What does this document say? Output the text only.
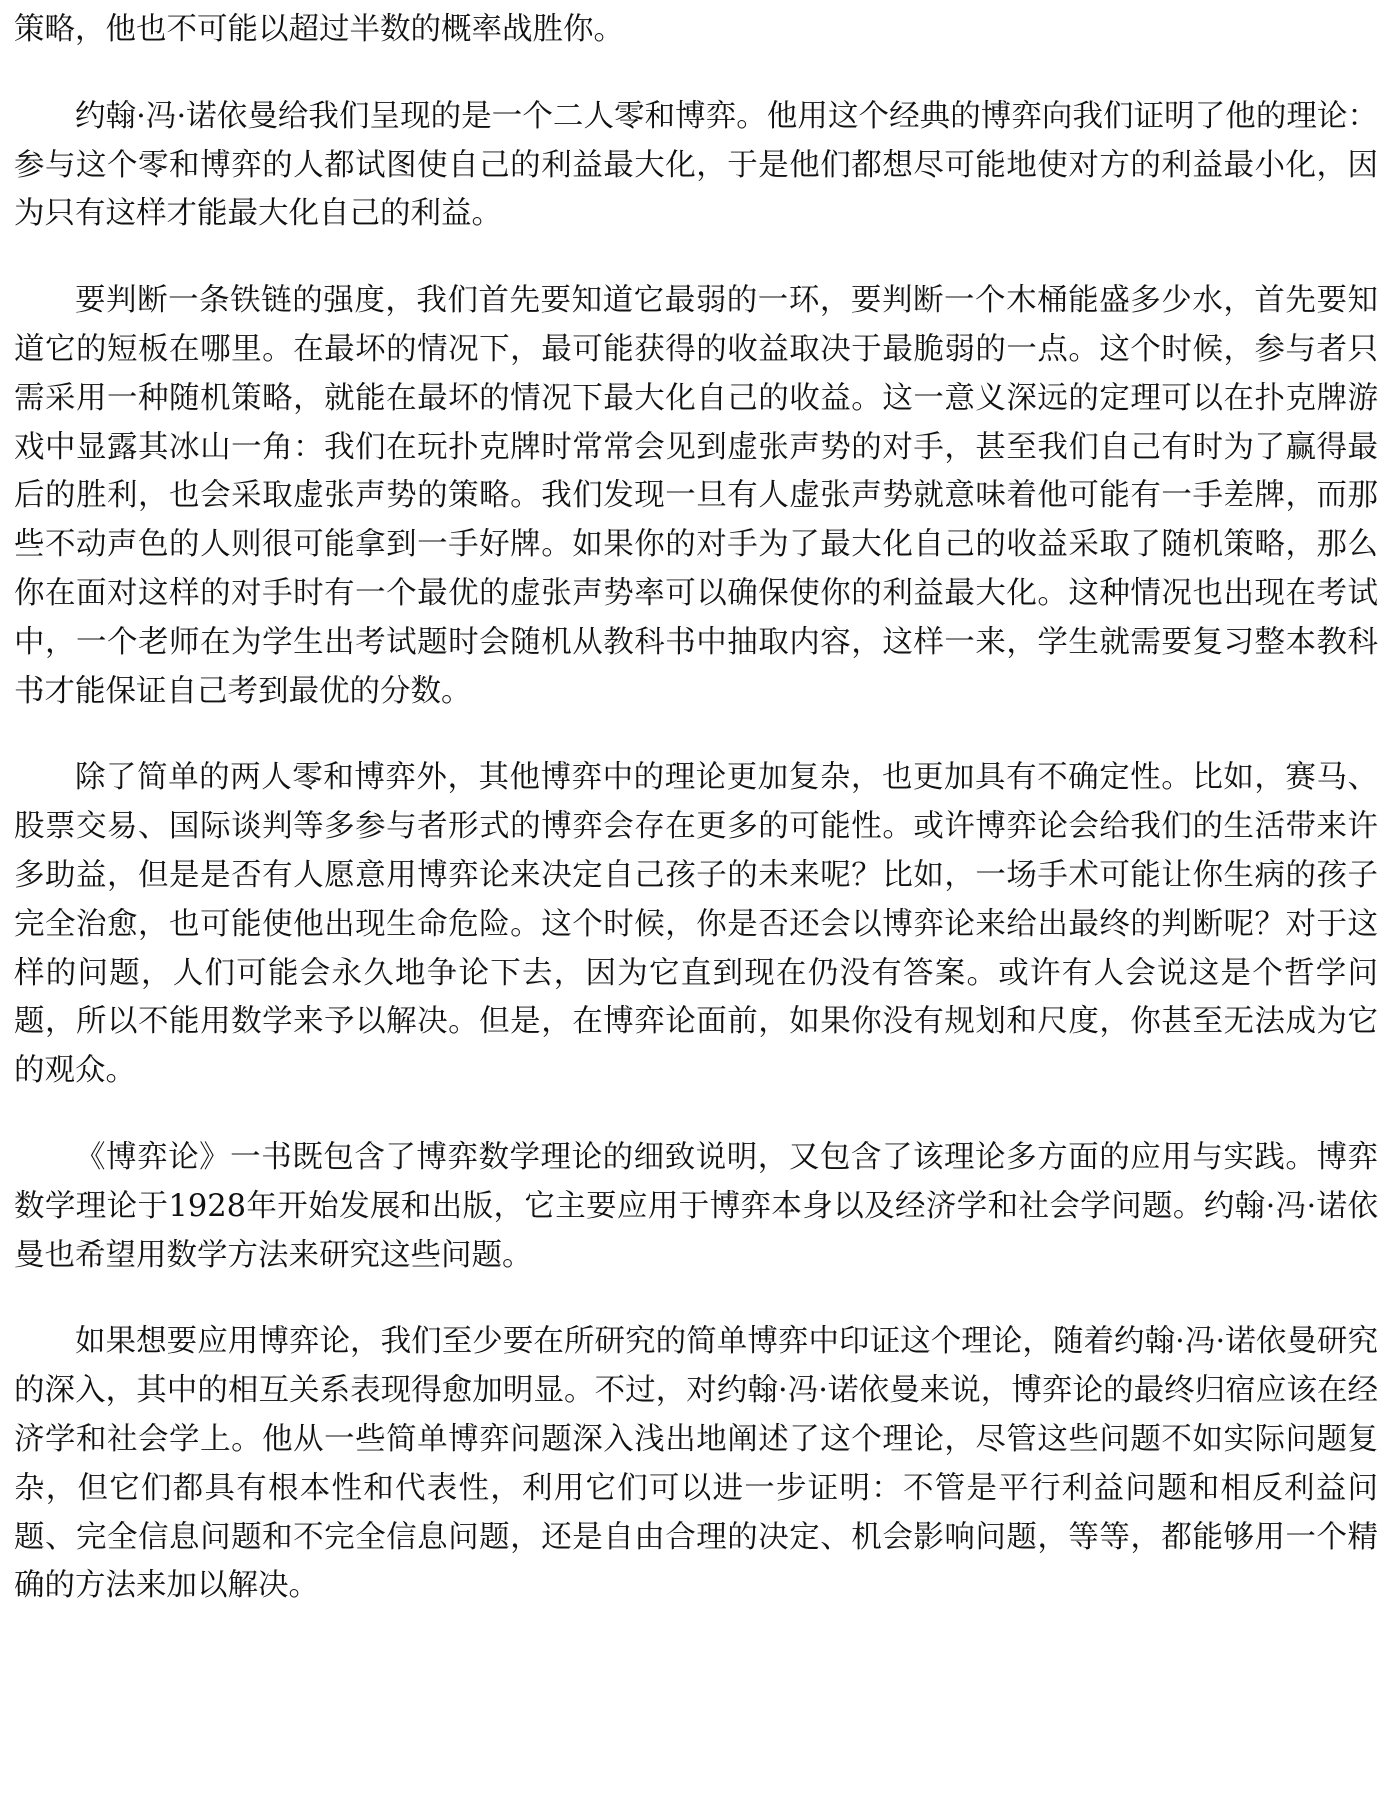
策略，他也不可能以超过半数的概率战胜你。

约翰·冯·诺依曼给我们呈现的是一个二人零和博弈。他用这个经典的博弈向我们证明了他的理论：参与这个零和博弈的人都试图使自己的利益最大化，于是他们都想尽可能地使对方的利益最小化，因为只有这样才能最大化自己的利益。

要判断一条铁链的强度，我们首先要知道它最弱的一环，要判断一个木桶能盛多少水，首先要知道它的短板在哪里。在最坏的情况下，最可能获得的收益取决于最脆弱的一点。这个时候，参与者只需采用一种随机策略，就能在最坏的情况下最大化自己的收益。这一意义深远的定理可以在扑克牌游戏中显露其冰山一角：我们在玩扑克牌时常常会见到虚张声势的对手，甚至我们自己有时为了赢得最后的胜利，也会采取虚张声势的策略。我们发现一旦有人虚张声势就意味着他可能有一手差牌，而那些不动声色的人则很可能拿到一手好牌。如果你的对手为了最大化自己的收益采取了随机策略，那么你在面对这样的对手时有一个最优的虚张声势率可以确保使你的利益最大化。这种情况也出现在考试中，一个老师在为学生出考试题时会随机从教科书中抽取内容，这样一来，学生就需要复习整本教科书才能保证自己考到最优的分数。

除了简单的两人零和博弈外，其他博弈中的理论更加复杂，也更加具有不确定性。比如，赛马、股票交易、国际谈判等多参与者形式的博弈会存在更多的可能性。或许博弈论会给我们的生活带来许多助益，但是是否有人愿意用博弈论来决定自己孩子的未来呢？比如，一场手术可能让你生病的孩子完全治愈，也可能使他出现生命危险。这个时候，你是否还会以博弈论来给出最终的判断呢？对于这样的问题，人们可能会永久地争论下去，因为它直到现在仍没有答案。或许有人会说这是个哲学问题，所以不能用数学来予以解决。但是，在博弈论面前，如果你没有规划和尺度，你甚至无法成为它的观众。

《博弈论》一书既包含了博弈数学理论的细致说明，又包含了该理论多方面的应用与实践。博弈数学理论于1928年开始发展和出版，它主要应用于博弈本身以及经济学和社会学问题。约翰·冯·诺依曼也希望用数学方法来研究这些问题。

如果想要应用博弈论，我们至少要在所研究的简单博弈中印证这个理论，随着约翰·冯·诺依曼研究的深入，其中的相互关系表现得愈加明显。不过，对约翰·冯·诺依曼来说，博弈论的最终归宿应该在经济学和社会学上。他从一些简单博弈问题深入浅出地阐述了这个理论，尽管这些问题不如实际问题复杂，但它们都具有根本性和代表性，利用它们可以进一步证明：不管是平行利益问题和相反利益问题、完全信息问题和不完全信息问题，还是自由合理的决定、机会影响问题，等等，都能够用一个精确的方法来加以解决。
